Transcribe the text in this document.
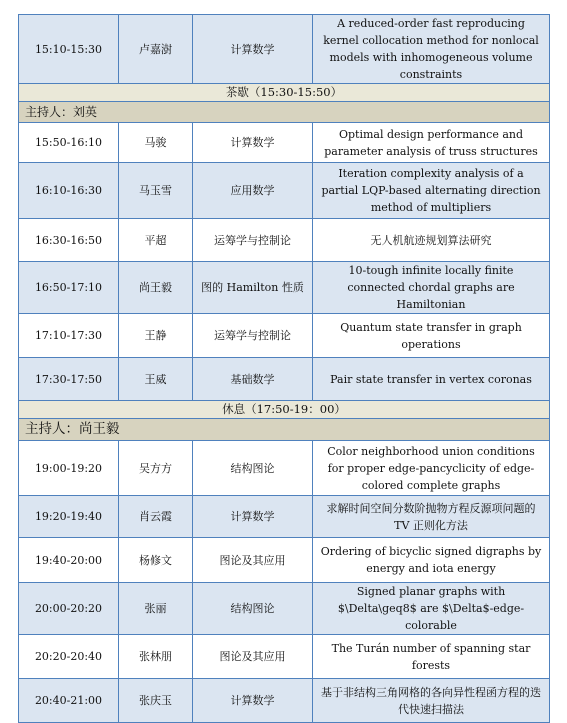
15:10-15:30	卢嘉澍	计算数学	A reduced-order fast reproducing kernel collocation method for nonlocal models with inhomogeneous volume constraints
茶歇（15:30-15:50）			
主持人：刘英			
15:50-16:10	马骏	计算数学	Optimal design performance and parameter analysis of truss structures
16:10-16:30	马玉雪	应用数学	Iteration complexity analysis of a partial LQP-based alternating direction method of multipliers
16:30-16:50	平超	运筹学与控制论	无人机航迹规划算法研究
16:50-17:10	尚王毅	图的 Hamilton 性质	10-tough infinite locally finite connected chordal graphs are Hamiltonian
17:10-17:30	王静	运筹学与控制论	Quantum state transfer in graph operations
17:30-17:50	王威	基础数学	Pair state transfer in vertex coronas
休息（17:50-19：00）			
主持人：尚王毅			
19:00-19:20	吴方方	结构图论	Color neighborhood union conditions for proper edge-pancyclicity of edge-colored complete graphs
19:20-19:40	肖云霞	计算数学	求解时间空间分数阶抛物方程反源项问题的TV 正则化方法
19:40-20:00	杨修文	图论及其应用	Ordering of bicyclic signed digraphs by energy and iota energy
20:00-20:20	张丽	结构图论	Signed planar graphs with $\Delta\geq8$ are $\Delta$-edge-colorable
20:20-20:40	张林朋	图论及其应用	The Turán number of spanning star forests
20:40-21:00	张庆玉	计算数学	基于非结构三角网格的各向异性程函方程的迭代快速扫描法
